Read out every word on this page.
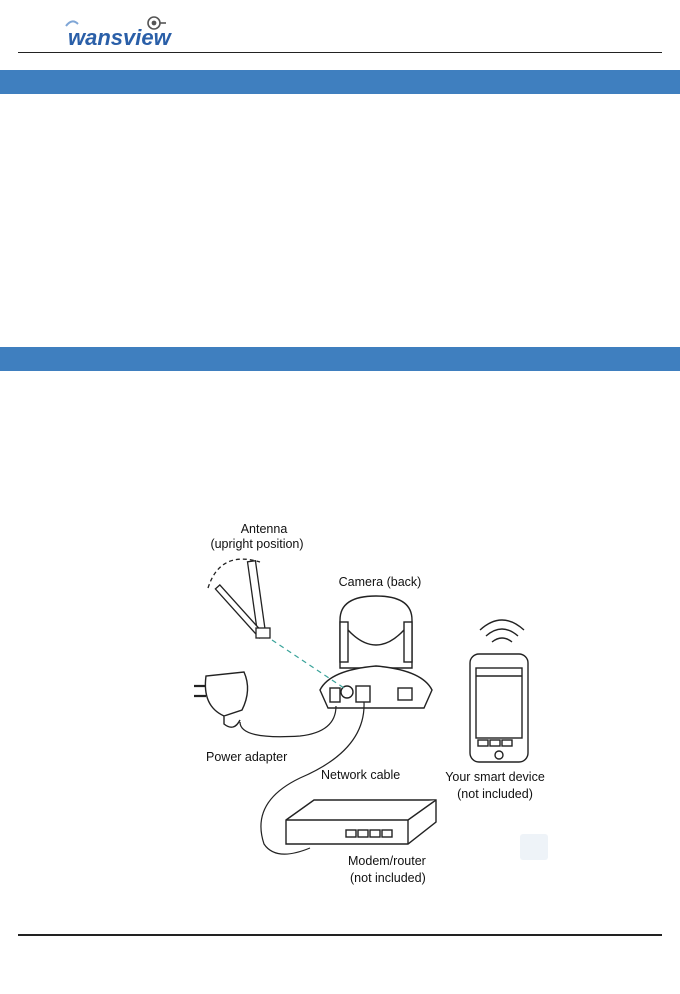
wansview
Antenna
(upright position)
Camera (back)
Power adapter
Network cable
Modem/router
(not included)
Your smart device
(not included)
